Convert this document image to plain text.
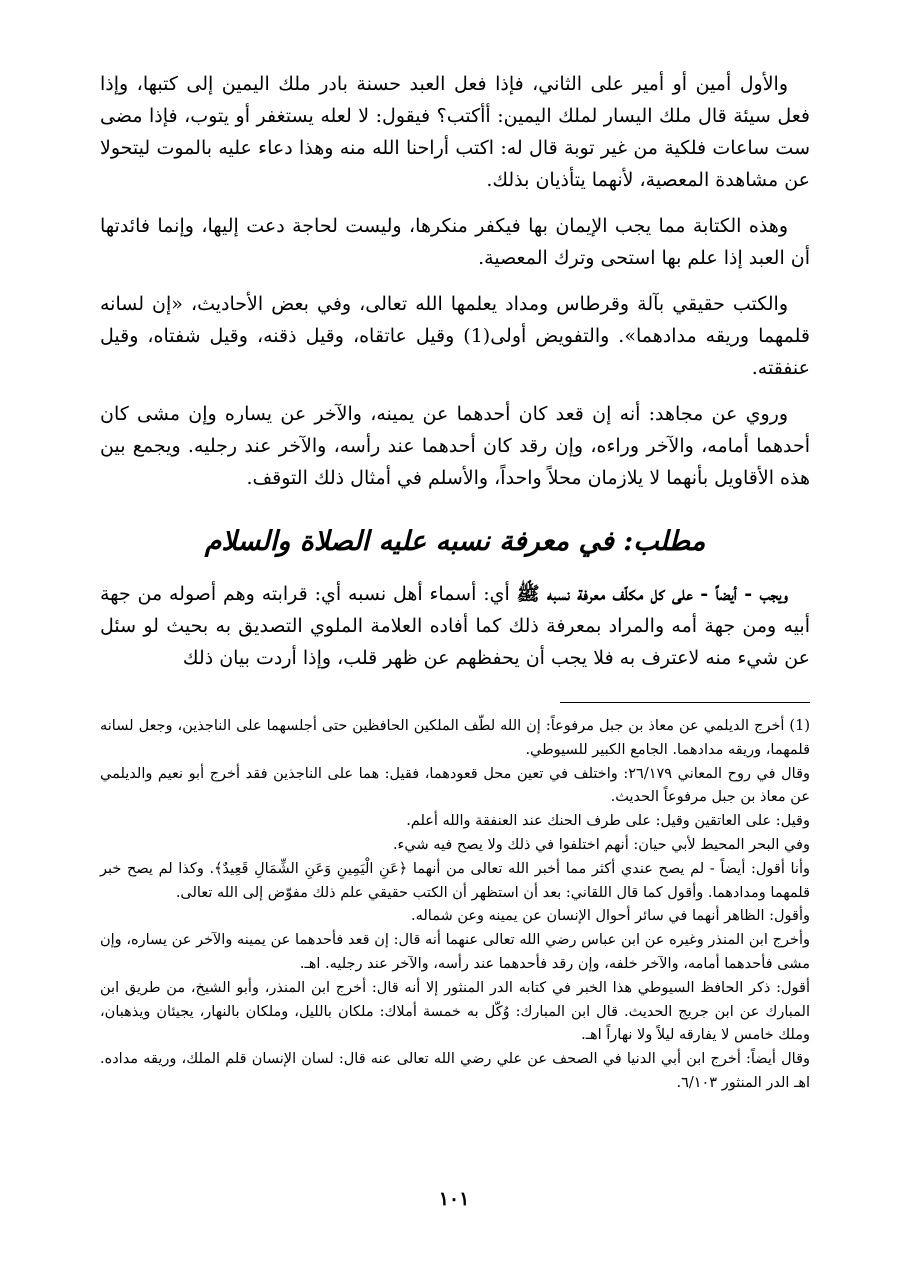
والأول أمين أو أمير على الثاني، فإذا فعل العبد حسنة بادر ملك اليمين إلى كتبها، وإذا فعل سيئة قال ملك اليسار لملك اليمين: أأكتب؟ فيقول: لا لعله يستغفر أو يتوب، فإذا مضى ست ساعات فلكية من غير توبة قال له: اكتب أراحنا الله منه وهذا دعاء عليه بالموت ليتحولا عن مشاهدة المعصية، لأنهما يتأذيان بذلك.

وهذه الكتابة مما يجب الإيمان بها فيكفر منكرها، وليست لحاجة دعت إليها، وإنما فائدتها أن العبد إذا علم بها استحى وترك المعصية.

والكتب حقيقي بآلة وقرطاس ومداد يعلمها الله تعالى، وفي بعض الأحاديث، «إن لسانه قلمهما وريقه مدادهما». والتفويض أولى(1) وقيل عاتقاه، وقيل ذقنه، وقيل شفتاه، وقيل عنفقته.

وروي عن مجاهد: أنه إن قعد كان أحدهما عن يمينه، والآخر عن يساره وإن مشى كان أحدهما أمامه، والآخر وراءه، وإن رقد كان أحدهما عند رأسه، والآخر عند رجليه. ويجمع بين هذه الأقاويل بأنهما لا يلازمان محلاً واحداً، والأسلم في أمثال ذلك التوقف.

مطلب: في معرفة نسبه عليه الصلاة والسلام

ويجب - أيضاً - على كل مكلّف معرفة نسبه ﷺ أي: أسماء أهل نسبه أي: قرابته وهم أصوله من جهة أبيه ومن جهة أمه والمراد بمعرفة ذلك كما أفاده العلامة الملوي التصديق به بحيث لو سئل عن شيء منه لاعترف به فلا يجب أن يحفظهم عن ظهر قلب، وإذا أردت بيان ذلك

(1) أخرج الديلمي عن معاذ بن جبل مرفوعاً: إن الله لطّف الملكين الحافظين حتى أجلسهما على الناجذين، وجعل لسانه قلمهما، وريقه مدادهما. الجامع الكبير للسيوطي.

وقال في روح المعاني ٢٦/١٧٩: واختلف في تعين محل قعودهما، فقيل: هما على الناجذين فقد أخرج أبو نعيم والديلمي عن معاذ بن جبل مرفوعاً الحديث.

وقيل: على العاتقين وقيل: على طرف الحنك عند العنفقة والله أعلم.

وفي البحر المحيط لأبي حيان: أنهم اختلفوا في ذلك ولا يصح فيه شيء.

وأنا أقول: أيضاً - لم يصح عندي أكثر مما أخبر الله تعالى من أنهما ﴿عَنِ الْيَمِينِ وَعَنِ الشِّمَالِ قَعِيدٌ﴾. وكذا لم يصح خبر قلمهما ومدادهما. وأقول كما قال اللقاني: بعد أن استظهر أن الكتب حقيقي علم ذلك مفوّض إلى الله تعالى.

وأقول: الظاهر أنهما في سائر أحوال الإنسان عن يمينه وعن شماله.

وأخرج ابن المنذر وغيره عن ابن عباس رضي الله تعالى عنهما أنه قال: إن قعد فأحدهما عن يمينه والآخر عن يساره، وإن مشى فأحدهما أمامه، والآخر خلفه، وإن رقد فأحدهما عند رأسه، والآخر عند رجليه. اهـ.

أقول: ذكر الحافظ السيوطي هذا الخبر في كتابه الدر المنثور إلا أنه قال: أخرج ابن المنذر، وأبو الشيخ، من طريق ابن المبارك عن ابن جريج الحديث. قال ابن المبارك: وُكّل به خمسة أملاك: ملكان بالليل، وملكان بالنهار، يجيئان ويذهبان، وملك خامس لا يفارقه ليلاً ولا نهاراً اهـ.

وقال أيضاً: أخرج ابن أبي الدنيا في الصحف عن علي رضي الله تعالى عنه قال: لسان الإنسان قلم الملك، وريقه مداده. اهـ الدر المنثور ٦/١٠٣.

١٠١
